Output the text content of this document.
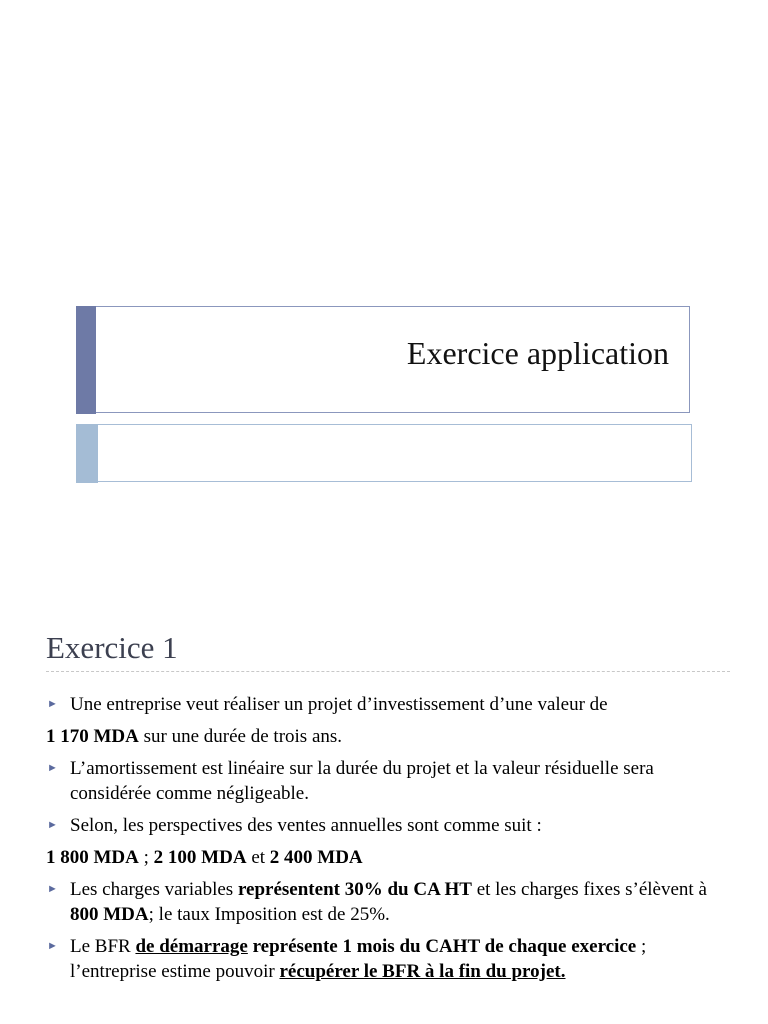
Exercice application
Exercice 1
► Une entreprise veut réaliser un projet d’investissement d’une valeur de
1 170 MDA sur une durée de trois ans.
► L’amortissement est linéaire sur la durée du projet et la valeur résiduelle sera considérée comme négligeable.
► Selon, les perspectives des ventes annuelles sont comme suit :
1 800 MDA ; 2 100 MDA et 2 400 MDA
► Les charges variables représentent 30% du CA HT et les charges fixes s’élèvent à 800 MDA; le taux Imposition est de 25%.
► Le BFR de démarrage représente 1 mois du CAHT de chaque exercice ; l’entreprise estime pouvoir récupérer le BFR à la fin du projet.
